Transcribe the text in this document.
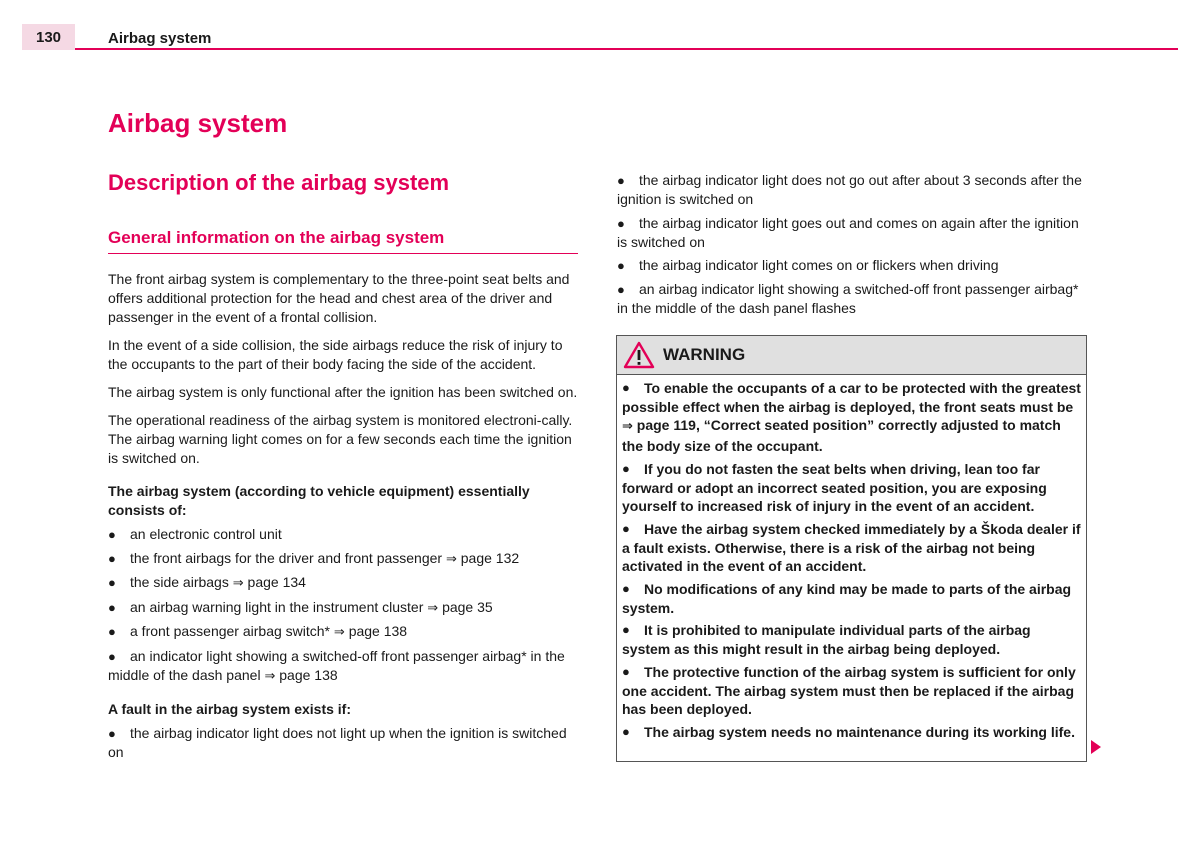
130	Airbag system
Airbag system
Description of the airbag system
General information on the airbag system

The front airbag system is complementary to the three-point seat belts and offers additional protection for the head and chest area of the driver and passenger in the event of a frontal collision.

In the event of a side collision, the side airbags reduce the risk of injury to the occupants to the part of their body facing the side of the accident.

The airbag system is only functional after the ignition has been switched on.

The operational readiness of the airbag system is monitored electroni-cally. The airbag warning light comes on for a few seconds each time the ignition is switched on.

The airbag system (according to vehicle equipment) essentially consists of:

● an electronic control unit
● the front airbags for the driver and front passenger ⇒ page 132
● the side airbags ⇒ page 134
● an airbag warning light in the instrument cluster ⇒ page 35
● a front passenger airbag switch* ⇒ page 138
● an indicator light showing a switched-off front passenger airbag* in the middle of the dash panel ⇒ page 138

A fault in the airbag system exists if:

● the airbag indicator light does not light up when the ignition is switched on
● the airbag indicator light does not go out after about 3 seconds after the ignition is switched on
● the airbag indicator light goes out and comes on again after the ignition is switched on
● the airbag indicator light comes on or flickers when driving
● an airbag indicator light showing a switched-off front passenger airbag* in the middle of the dash panel flashes
WARNING
● To enable the occupants of a car to be protected with the greatest possible effect when the airbag is deployed, the front seats must be ⇒ page 119, “Correct seated position” correctly adjusted to match the body size of the occupant.
● If you do not fasten the seat belts when driving, lean too far forward or adopt an incorrect seated position, you are exposing yourself to increased risk of injury in the event of an accident.
● Have the airbag system checked immediately by a Škoda dealer if a fault exists. Otherwise, there is a risk of the airbag not being activated in the event of an accident.
● No modifications of any kind may be made to parts of the airbag system.
● It is prohibited to manipulate individual parts of the airbag system as this might result in the airbag being deployed.
● The protective function of the airbag system is sufficient for only one accident. The airbag system must then be replaced if the airbag has been deployed.
● The airbag system needs no maintenance during its working life.
